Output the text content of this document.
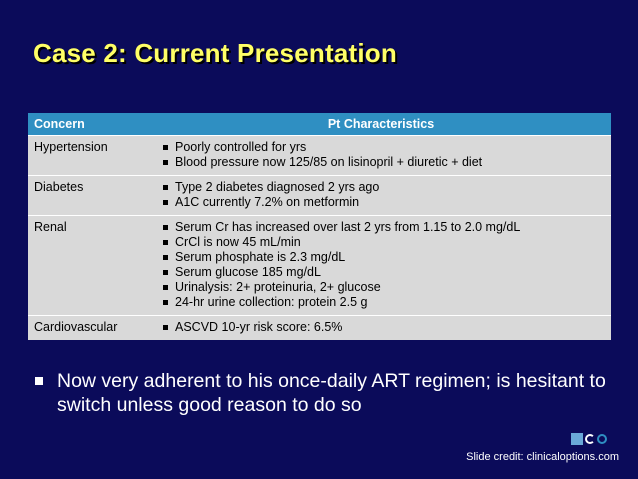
Case 2: Current Presentation
Concern	Pt Characteristics
Hypertension	Poorly controlled for yrs
Blood pressure now 125/85 on lisinopril + diuretic + diet
Diabetes	Type 2 diabetes diagnosed 2 yrs ago
A1C currently 7.2% on metformin
Renal	Serum Cr has increased over last 2 yrs from 1.15 to 2.0 mg/dL
CrCl is now 45 mL/min
Serum phosphate is 2.3 mg/dL
Serum glucose 185 mg/dL
Urinalysis: 2+ proteinuria, 2+ glucose
24-hr urine collection: protein 2.5 g
Cardiovascular	ASCVD 10-yr risk score: 6.5%
Now very adherent to his once-daily ART regimen; is hesitant to switch unless good reason to do so
Slide credit: clinicaloptions.com
